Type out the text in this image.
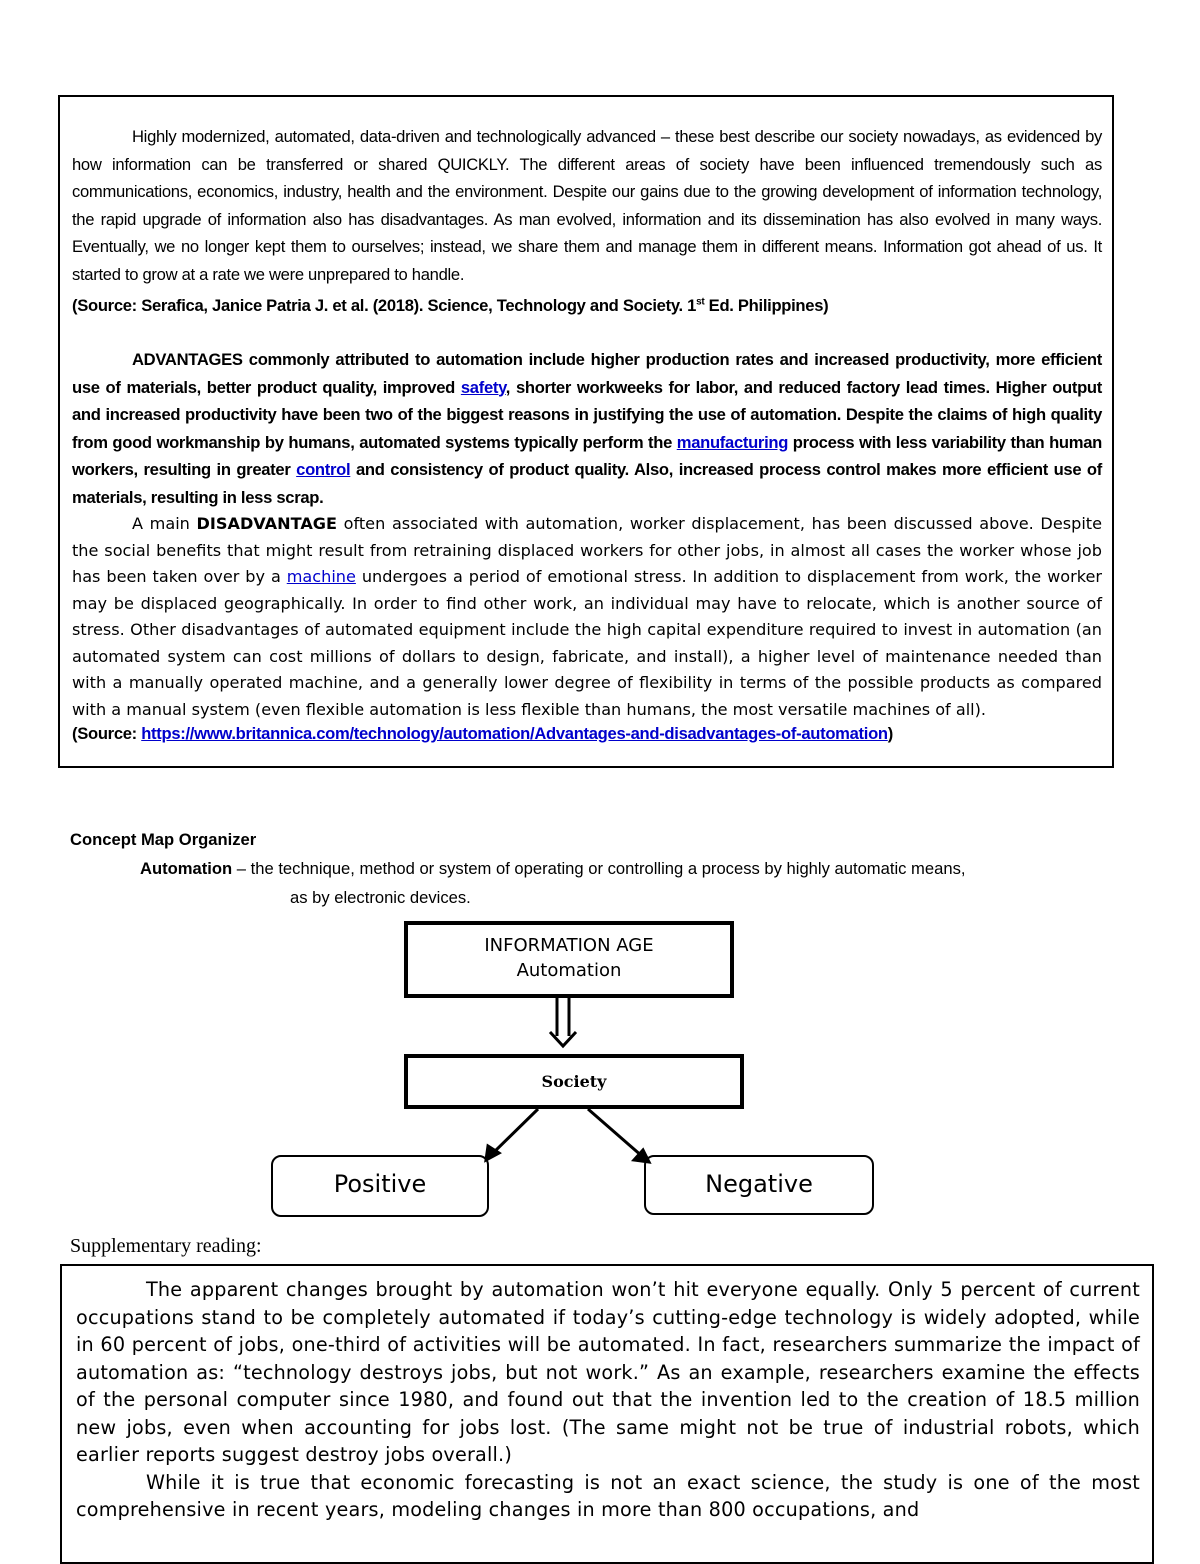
Highly modernized, automated, data-driven and technologically advanced – these best describe our society nowadays, as evidenced by how information can be transferred or shared QUICKLY. The different areas of society have been influenced tremendously such as communications, economics, industry, health and the environment. Despite our gains due to the growing development of information technology, the rapid upgrade of information also has disadvantages. As man evolved, information and its dissemination has also evolved in many ways. Eventually, we no longer kept them to ourselves; instead, we share them and manage them in different means. Information got ahead of us. It started to grow at a rate we were unprepared to handle.
(Source: Serafica, Janice Patria J. et al. (2018). Science, Technology and Society. 1st Ed. Philippines)

ADVANTAGES commonly attributed to automation include higher production rates and increased productivity, more efficient use of materials, better product quality, improved safety, shorter workweeks for labor, and reduced factory lead times. Higher output and increased productivity have been two of the biggest reasons in justifying the use of automation. Despite the claims of high quality from good workmanship by humans, automated systems typically perform the manufacturing process with less variability than human workers, resulting in greater control and consistency of product quality. Also, increased process control makes more efficient use of materials, resulting in less scrap.

A main DISADVANTAGE often associated with automation, worker displacement, has been discussed above. Despite the social benefits that might result from retraining displaced workers for other jobs, in almost all cases the worker whose job has been taken over by a machine undergoes a period of emotional stress. In addition to displacement from work, the worker may be displaced geographically. In order to find other work, an individual may have to relocate, which is another source of stress. Other disadvantages of automated equipment include the high capital expenditure required to invest in automation (an automated system can cost millions of dollars to design, fabricate, and install), a higher level of maintenance needed than with a manually operated machine, and a generally lower degree of flexibility in terms of the possible products as compared with a manual system (even flexible automation is less flexible than humans, the most versatile machines of all).

(Source: https://www.britannica.com/technology/automation/Advantages-and-disadvantages-of-automation)

Concept Map Organizer
Automation – the technique, method or system of operating or controlling a process by highly automatic means,
as by electronic devices.
INFORMATION AGE
Automation
Society
Positive	Negative
Supplementary reading:

The apparent changes brought by automation won’t hit everyone equally. Only 5 percent of current occupations stand to be completely automated if today’s cutting-edge technology is widely adopted, while in 60 percent of jobs, one-third of activities will be automated. In fact, researchers summarize the impact of automation as: “technology destroys jobs, but not work.” As an example, researchers examine the effects of the personal computer since 1980, and found out that the invention led to the creation of 18.5 million new jobs, even when accounting for jobs lost. (The same might not be true of industrial robots, which earlier reports suggest destroy jobs overall.)

While it is true that economic forecasting is not an exact science, the study is one of the most comprehensive in recent years, modeling changes in more than 800 occupations, and
